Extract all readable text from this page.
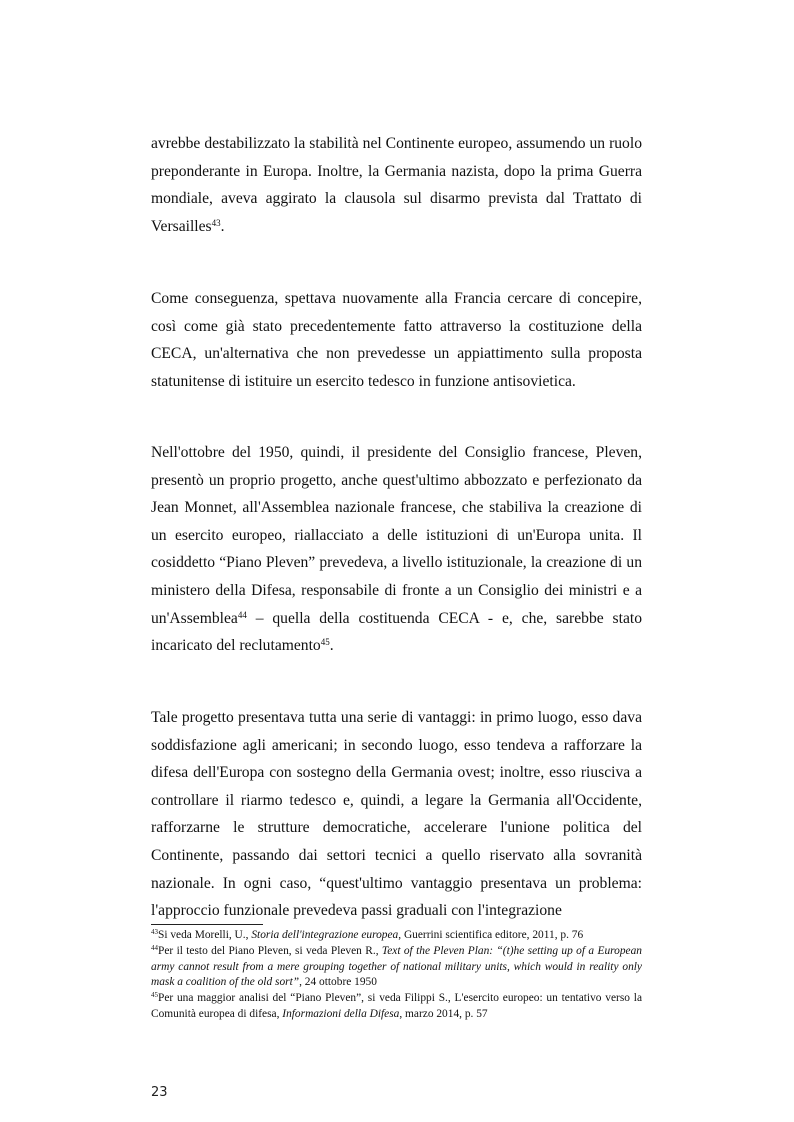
avrebbe destabilizzato la stabilità nel Continente europeo, assumendo un ruolo preponderante in Europa. Inoltre, la Germania nazista, dopo la prima Guerra mondiale, aveva aggirato la clausola sul disarmo prevista dal Trattato di Versailles$^{43}$.

Come conseguenza, spettava nuovamente alla Francia cercare di concepire, così come già stato precedentemente fatto attraverso la costituzione della CECA, un'alternativa che non prevedesse un appiattimento sulla proposta statunitense di istituire un esercito tedesco in funzione antisovietica.

Nell'ottobre del 1950, quindi, il presidente del Consiglio francese, Pleven, presentò un proprio progetto, anche quest'ultimo abbozzato e perfezionato da Jean Monnet, all'Assemblea nazionale francese, che stabiliva la creazione di un esercito europeo, riallacciato a delle istituzioni di un'Europa unita. Il cosiddetto “Piano Pleven” prevedeva, a livello istituzionale, la creazione di un ministero della Difesa, responsabile di fronte a un Consiglio dei ministri e a un'Assemblea$^{44}$ – quella della costituenda CECA - e, che, sarebbe stato incaricato del reclutamento$^{45}$.

Tale progetto presentava tutta una serie di vantaggi: in primo luogo, esso dava soddisfazione agli americani; in secondo luogo, esso tendeva a rafforzare la difesa dell'Europa con sostegno della Germania ovest; inoltre, esso riusciva a controllare il riarmo tedesco e, quindi, a legare la Germania all'Occidente, rafforzarne le strutture democratiche, accelerare l'unione politica del Continente, passando dai settori tecnici a quello riservato alla sovranità nazionale. In ogni caso, “quest'ultimo vantaggio presentava un problema: l'approccio funzionale prevedeva passi graduali con l'integrazione

$^{43}$Si veda Morelli, U., Storia dell'integrazione europea, Guerrini scientifica editore, 2011, p. 76

$^{44}$Per il testo del Piano Pleven, si veda Pleven R., Text of the Pleven Plan: “(t)he setting up of a European army cannot result from a mere grouping together of national military units, which would in reality only mask a coalition of the old sort”, 24 ottobre 1950

$^{45}$Per una maggior analisi del “Piano Pleven”, si veda Filippi S., L'esercito europeo: un tentativo verso la Comunità europea di difesa, Informazioni della Difesa, marzo 2014, p. 57

23
